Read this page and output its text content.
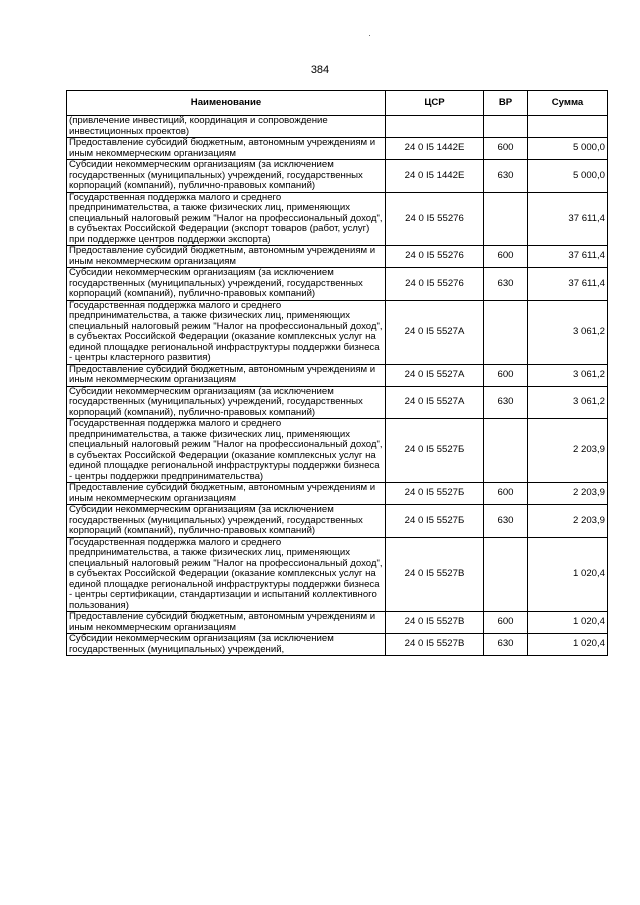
·
384
Наименование	ЦСР	ВР	Сумма
(привлечение инвестиций, координация и сопровождение инвестиционных проектов)			
Предоставление субсидий бюджетным, автономным учреждениям и иным некоммерческим организациям	24 0 I5 1442E	600	5 000,0
Субсидии некоммерческим организациям (за исключением государственных (муниципальных) учреждений, государственных корпораций (компаний), публично-правовых компаний)	24 0 I5 1442E	630	5 000,0
Государственная поддержка малого и среднего предпринимательства, а также физических лиц, применяющих специальный налоговый режим "Налог на профессиональный доход", в субъектах Российской Федерации (экспорт товаров (работ, услуг) при поддержке центров поддержки экспорта)	24 0 I5 55276		37 611,4
Предоставление субсидий бюджетным, автономным учреждениям и иным некоммерческим организациям	24 0 I5 55276	600	37 611,4
Субсидии некоммерческим организациям (за исключением государственных (муниципальных) учреждений, государственных корпораций (компаний), публично-правовых компаний)	24 0 I5 55276	630	37 611,4
Государственная поддержка малого и среднего предпринимательства, а также физических лиц, применяющих специальный налоговый режим "Налог на профессиональный доход", в субъектах Российской Федерации (оказание комплексных услуг на единой площадке региональной инфраструктуры поддержки бизнеса - центры кластерного развития)	24 0 I5 5527A		3 061,2
Предоставление субсидий бюджетным, автономным учреждениям и иным некоммерческим организациям	24 0 I5 5527A	600	3 061,2
Субсидии некоммерческим организациям (за исключением государственных (муниципальных) учреждений, государственных корпораций (компаний), публично-правовых компаний)	24 0 I5 5527A	630	3 061,2
Государственная поддержка малого и среднего предпринимательства, а также физических лиц, применяющих специальный налоговый режим "Налог на профессиональный доход", в субъектах Российской Федерации (оказание комплексных услуг на единой площадке региональной инфраструктуры поддержки бизнеса - центры поддержки предпринимательства)	24 0 I5 5527Б		2 203,9
Предоставление субсидий бюджетным, автономным учреждениям и иным некоммерческим организациям	24 0 I5 5527Б	600	2 203,9
Субсидии некоммерческим организациям (за исключением государственных (муниципальных) учреждений, государственных корпораций (компаний), публично-правовых компаний)	24 0 I5 5527Б	630	2 203,9
Государственная поддержка малого и среднего предпринимательства, а также физических лиц, применяющих специальный налоговый режим "Налог на профессиональный доход", в субъектах Российской Федерации (оказание комплексных услуг на единой площадке региональной инфраструктуры поддержки бизнеса - центры сертификации, стандартизации и испытаний коллективного пользования)	24 0 I5 5527B		1 020,4
Предоставление субсидий бюджетным, автономным учреждениям и иным некоммерческим организациям	24 0 I5 5527B	600	1 020,4
Субсидии некоммерческим организациям (за исключением государственных (муниципальных) учреждений,	24 0 I5 5527B	630	1 020,4
